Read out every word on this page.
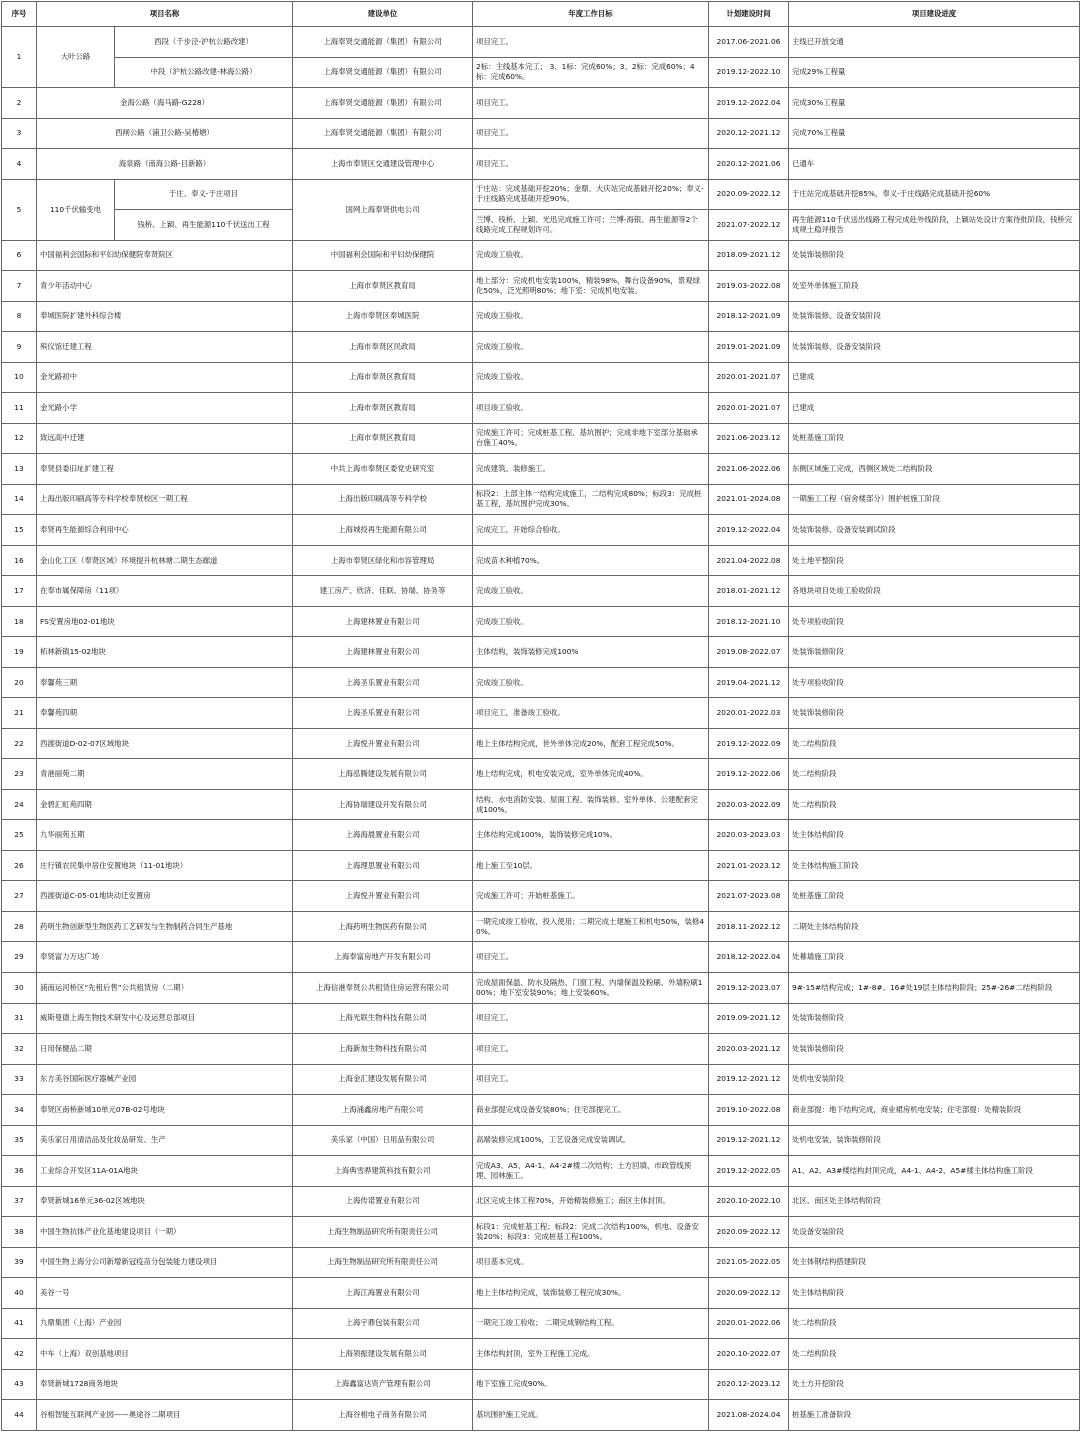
序号	项目名称		建设单位	年度工作目标	计划建设时间	项目建设进度
1	大叶公路	西段（千步泾-沪杭公路改建）	上海奉贤交通能源（集团）有限公司	项目完工。	2017.06-2021.06	主线已开放交通
		中段（沪杭公路改建-林海公路）	上海奉贤交通能源（集团）有限公司	2标：主线基本完工； 3、1标：完成60%；3、2标：完成60%；4标：完成60%。	2019.12-2022.10	完成29%工程量
2	金海公路（海马路-G228）		上海奉贤交通能源（集团）有限公司	项目完工。	2019.12-2022.04	完成30%工程量
3	西闸公路（浦卫公路-吴椿塘）		上海奉贤交通能源（集团）有限公司	项目完工。	2020.12-2021.12	完成70%工程量
4	海泉路（南海公路-目新路）		上海市奉贤区交通建设管理中心	项目完工。	2020.12-2021.06	已通车
5	110千伏输变电	于庄、奉义-于庄项目	国网上海奉贤供电公司	于庄站：完成基础开挖20%；金鼎、大庆站完成基础开挖20%；奉义-于庄线路完成基础开挖90%。	2020.09-2022.12	于庄站完成基础开挖85%，奉义-于庄线路完成基础开挖60%
		钱桥、上颖、再生能源110千伏送出工程		兰博、钱桥、上颖、光迅完成施工许可；兰博-海银、再生能源等2个线路完成工程规划许可。	2021.07-2022.12	再生能源110千伏送出线路工程完成赴外线阶段，上颖站处设计方案待批阶段，钱桥完成规土稳评报告
6	中国福利会国际和平妇幼保健院奉贤院区		中国福利会国际和平妇幼保健院	完成竣工验收。	2018.09-2021.12	处装饰装修阶段
7	青少年活动中心		上海市奉贤区教育局	地上部分：完成机电安装100%，精装98%，舞台设备90%，景观绿化50%，泛光照明80%；地下室：完成机电安装。	2019.03-2022.08	处室外单体施工阶段
8	奉城医院扩建外科综合楼		上海市奉贤区奉城医院	完成竣工验收。	2018.12-2021.09	处装饰装修、设备安装阶段
9	殡仪馆迁建工程		上海市奉贤区民政局	完成竣工验收。	2019.01-2021.09	处装饰装修、设备安装阶段
10	金光路初中		上海市奉贤区教育局	完成竣工验收。	2020.01-2021.07	已建成
11	金光路小学		上海市奉贤区教育局	项目竣工验收。	2020.01-2021.07	已建成
12	致远高中迁建		上海市奉贤区教育局	完成施工许可；完成桩基工程、基坑围护；完成非地下室部分基础承台施工40%。	2021.06-2023.12	处桩基施工阶段
13	奉贤县委旧址扩建工程		中共上海市奉贤区委党史研究室	完成建筑、装修施工。	2021.06-2022.06	东侧区域施工完成，西侧区域处二结构阶段
14	上海出版印刷高等专科学校奉贤校区一期工程		上海出版印刷高等专科学校	标段2：上部主体一结构完成施工，二结构完成80%；标段3：完成桩基工程，基坑围护完成30%。	2021.01-2024.08	一期施工工程（宿舍楼部分）围护桩施工阶段
15	奉贤再生能源综合利用中心		上海城投再生能源有限公司	完成完工，开始综合验收。	2019.12-2022.04	处装饰装修、设备安装调试阶段
16	金山化工区（奉贤区域）环境提升杭林塘二期生态廊道		上海市奉贤区绿化和市容管理局	完成苗木种植70%。	2021.04-2022.08	处土地平整阶段
17	在奉市属保障房（11项）		建工房产、欣济、佳联、协瑞、协务等	完成竣工验收。	2018.01-2021.12	各地块项目处竣工验收阶段
18	FS安置房地02-01地块		上海建林置业有限公司	完成竣工验收。	2018.12-2021.10	处专项验收阶段
19	柘林新镇15-02地块		上海建林置业有限公司	主体结构，装饰装修完成100%	2019.08-2022.07	处装饰装修阶段
20	奉馨苑三期		上海圣乐置业有限公司	完成竣工验收。	2019.04-2021.12	处专项验收阶段
21	奉馨苑四期		上海圣乐置业有限公司	项目完工，准备竣工验收。	2020.01-2022.03	处装饰装修阶段
22	西渡街道D-02-07区域地块		上海悦升置业有限公司	地上主体结构完成，世外单体完成20%，配套工程完成50%。	2019.12-2022.09	处二结构阶段
23	青港丽苑二期		上海泓腾建设发展有限公司	地上结构完成，机电安装完成，室外单体完成40%。	2019.12-2022.06	处二结构阶段
24	金碧汇虹苑四期		上海协瑞建设开发有限公司	结构、水电消防安装、屋面工程、装饰装修、室外单体、公建配套完成100%。	2020.03-2022.09	处二结构阶段
25	九华丽苑五期		上海海晨置业有限公司	主体结构完成100%，装饰装修完成10%。	2020.03-2023.03	处主体结构阶段
26	庄行镇农民集中居住安置地块（11-01地块）		上海理思置业有限公司	地上施工至10层。	2021.01-2023.12	处主体结构施工阶段
27	西渡街道C-05-01地块动迁安置房		上海悦升置业有限公司	完成施工许可；开始桩基施工。	2021.07-2023.08	处桩基施工阶段
28	药明生物创新型生物医药工艺研发与生物制药合同生产基地		上海药明生物医药有限公司	一期完成竣工验收，投入使用；二期完成土建施工和机电50%，装修40%。	2018.11-2022.12	二期处主体结构阶段
29	奉贤富力万达广场		上海奉富房地产开发有限公司	项目完工。	2018.12-2022.04	处幕墙施工阶段
30	浦南运河桥区“先租后售”公共租赁房（二期）		上海信港奉贤公共租赁住房运营有限公司	完成屋面保温、防水及隔热、门窗工程、内墙保温及粉刷、外墙粉刷100%；地下室安装90%；地上安装60%。	2019.12-2023.07	9#-15#结构完成；1#-8#、16#处19层主体结构阶段；25#-26#二结构阶段
31	威斯曼德上海生物技术研发中心及运营总部项目		上海光联生物科技有限公司	项目完工。	2019.09-2021.12	处装饰装修阶段
32	日用保健品二期		上海新加生物科技有限公司	项目完工。	2020.03-2021.12	处装饰装修阶段
33	东方美谷国际医疗器械产业园		上海金汇建设发展有限公司	项目完工。	2019.12-2021.12	处机电安装阶段
34	奉贤区南桥新城10单元07B-02号地块		上海涌鑫房地产有限公司	商业部提完成设备安装80%；住宅部提完工。	2019.10-2022.08	商业部提：地下结构完成，商业裙房机电安装；住宅部提：处精装阶段
35	美乐家日用清洁品及化妆品研发、生产		美乐家（中国）日用品有限公司	高端装修完成100%，工艺设备完成安装调试。	2019.12-2021.12	处机电安装、装饰装修阶段
36	工业综合开发区11A-01A地块		上海典雪骅建筑科技有限公司	完成A3、A5、A4-1、A4-2#楼二次结构；土方回填、市政管线预埋、园林施工。	2019.12-2022.05	A1、A2、A3#楼结构封顶完成，A4-1、A4-2、A5#楼主体结构施工阶段
37	奉贤新城16单元36-02区域地块		上海传诺置业有限公司	北区完成主体工程70%，开始精装修施工；南区主体封顶。	2020.10-2022.10	北区、南区处主体结构阶段
38	中国生物抗体产业化基地建设项目（一期）		上海生物制品研究所有限责任公司	标段1：完成桩基工程；标段2：完成二次结构100%，机电、设备安装20%；标段3：完成桩基工程100%。	2020.09-2022.12	处设备安装阶段
39	中国生物上海分公司新增新冠疫苗分包装能力建设项目		上海生物制品研究所有限责任公司	项目基本完成。	2021.05-2022.05	处主体钢结构搭建阶段
40	美谷一号		上海江海置业有限公司	地上主体结构完成，装饰装修工程完成30%。	2020.09-2022.12	处主体结构阶段
41	九鼎集团（上海）产业园		上海宇鼎包装有限公司	一期完工竣工验收； 二期完成钢结构工程。	2020.01-2022.06	处二结构阶段
42	中车（上海）双创基地项目		上海领振建设发展有限公司	主体结构封顶，室外工程施工完成。	2020.10-2022.07	处二结构阶段
43	奉贤新城1728商务地块		上海鑫富达资产管理有限公司	地下室施工完成90%。	2020.12-2023.12	处土方开挖阶段
44	谷相智能互联网产业园——奥途谷二期项目		上海谷相电子商务有限公司	基坑围护施工完成。	2021.08-2024.04	桩基施工准备阶段
